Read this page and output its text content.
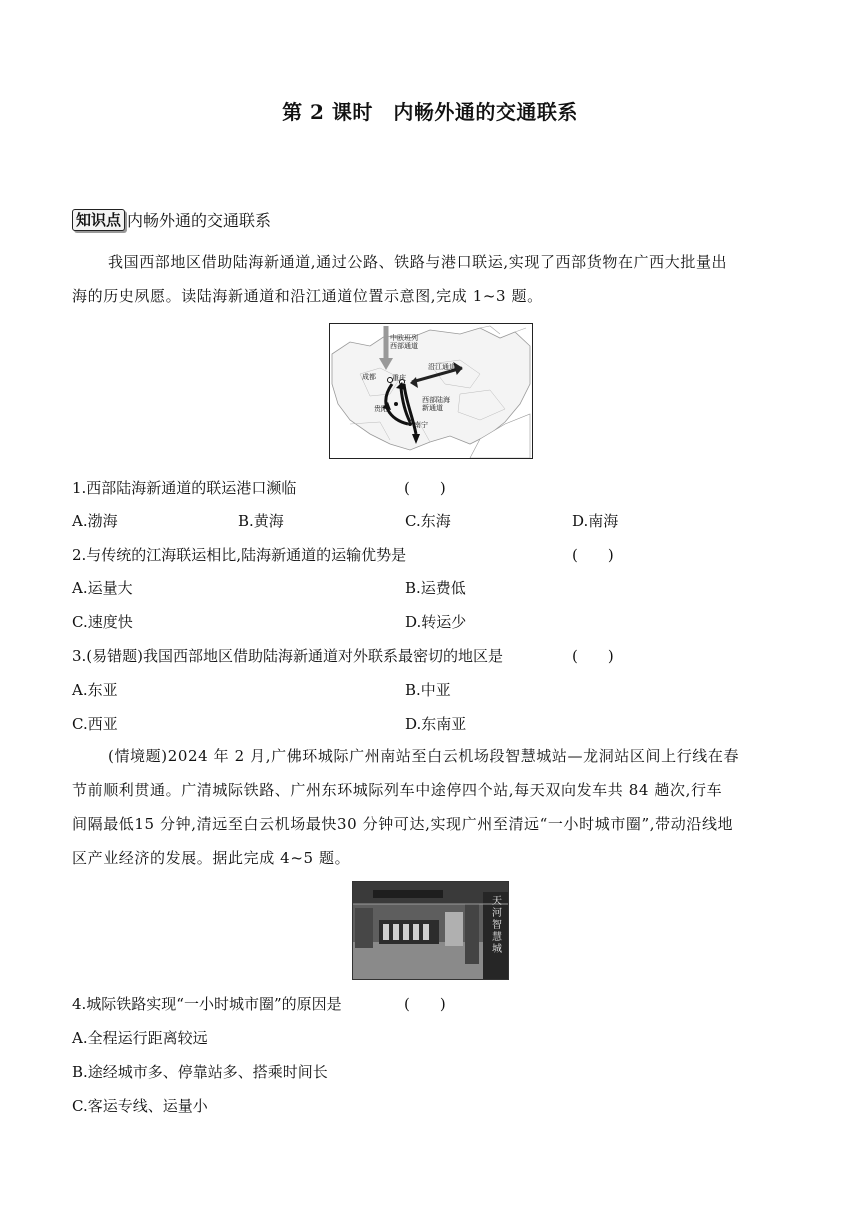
第 2 课时　内畅外通的交通联系
知识点 内畅外通的交通联系
我国西部地区借助陆海新通道,通过公路、铁路与港口联运,实现了西部货物在广西大批量出
海的历史夙愿。读陆海新通道和沿江通道位置示意图,完成 1~3 题。
中欧班列
西部通道
成都 重庆
沿江通道
贵阳
西部陆海
新通道
南宁
1.西部陆海新通道的联运港口濒临	(　　)
A.渤海	B.黄海	C.东海	D.南海
2.与传统的江海联运相比,陆海新通道的运输优势是	(　　)
A.运量大	B.运费低
C.速度快	D.转运少
3.(易错题)我国西部地区借助陆海新通道对外联系最密切的地区是	(　　)
A.东亚	B.中亚
C.西亚	D.东南亚
(情境题)2024 年 2 月,广佛环城际广州南站至白云机场段智慧城站—龙洞站区间上行线在春
节前顺利贯通。广清城际铁路、广州东环城际列车中途停四个站,每天双向发车共 84 趟次,行车
间隔最低15 分钟,清远至白云机场最快30 分钟可达,实现广州至清远“一小时城市圈”,带动沿线地
区产业经济的发展。据此完成 4~5 题。
天河智慧城
4.城际铁路实现“一小时城市圈”的原因是	(　　)
A.全程运行距离较远
B.途经城市多、停靠站多、搭乘时间长
C.客运专线、运量小
